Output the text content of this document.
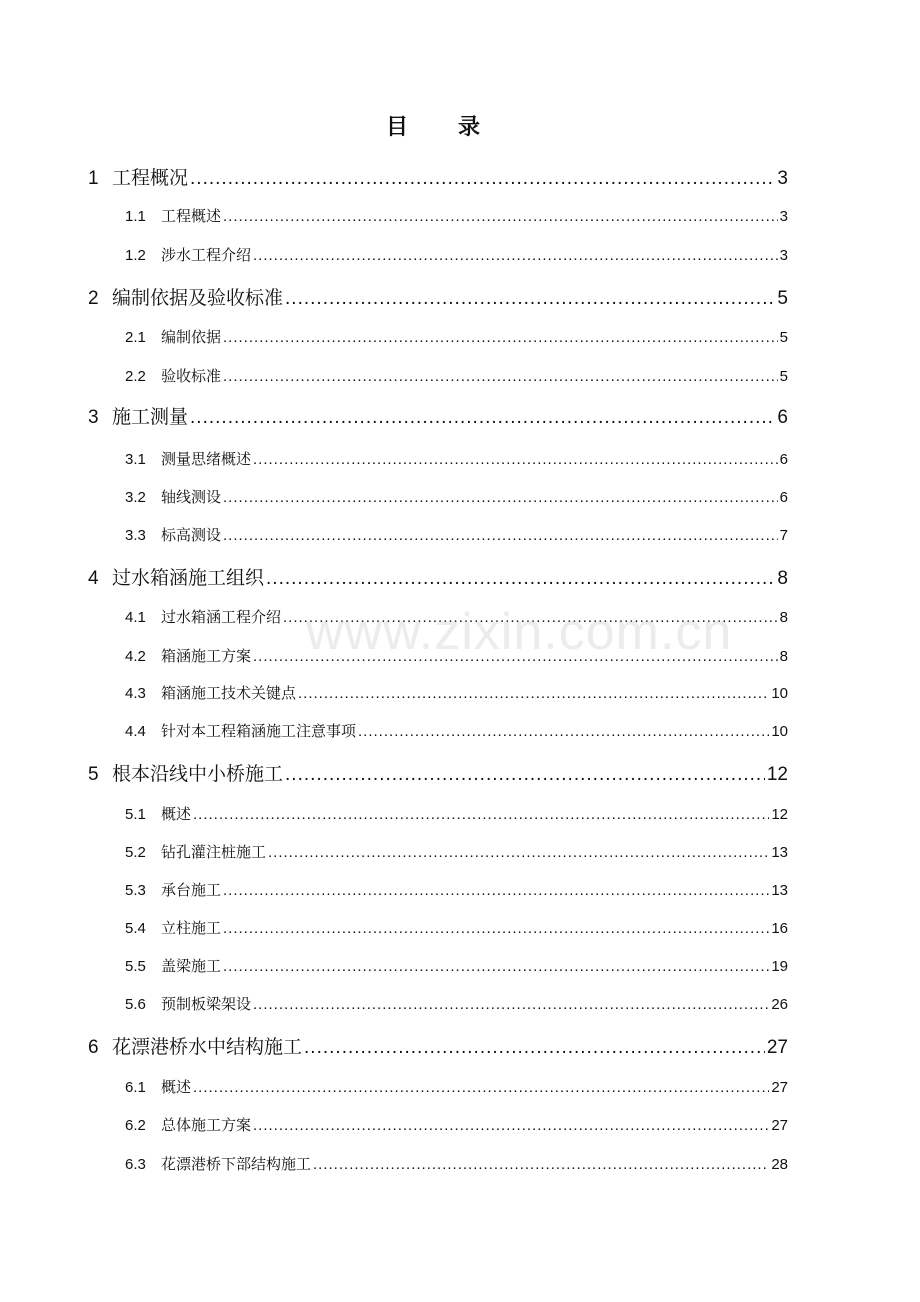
目　录
1 工程概况 .....	3
1.1	工程概述 .....	3
1.2	涉水工程介绍 .....	3
2 编制依据及验收标准 .....	5
2.1	编制依据 .....	5
2.2	验收标准 .....	5
3 施工测量 .....	6
3.1	测量思绪概述 .....	6
3.2	轴线测设 .....	6
3.3	标高测设 .....	7
4 过水箱涵施工组织 .....	8
4.1	过水箱涵工程介绍 .....	8
4.2	箱涵施工方案 .....	8
4.3	箱涵施工技术关键点 .....	10
4.4	针对本工程箱涵施工注意事项 .....	10
5 根本沿线中小桥施工 .....	12
5.1	概述 .....	12
5.2	钻孔灌注桩施工 .....	13
5.3	承台施工 .....	13
5.4	立柱施工 .....	16
5.5	盖梁施工 .....	19
5.6	预制板梁架设 .....	26
6 花漂港桥水中结构施工 .....	27
6.1	概述 .....	27
6.2	总体施工方案 .....	27
6.3	花漂港桥下部结构施工 .....	28
www.zixin.com.cn
